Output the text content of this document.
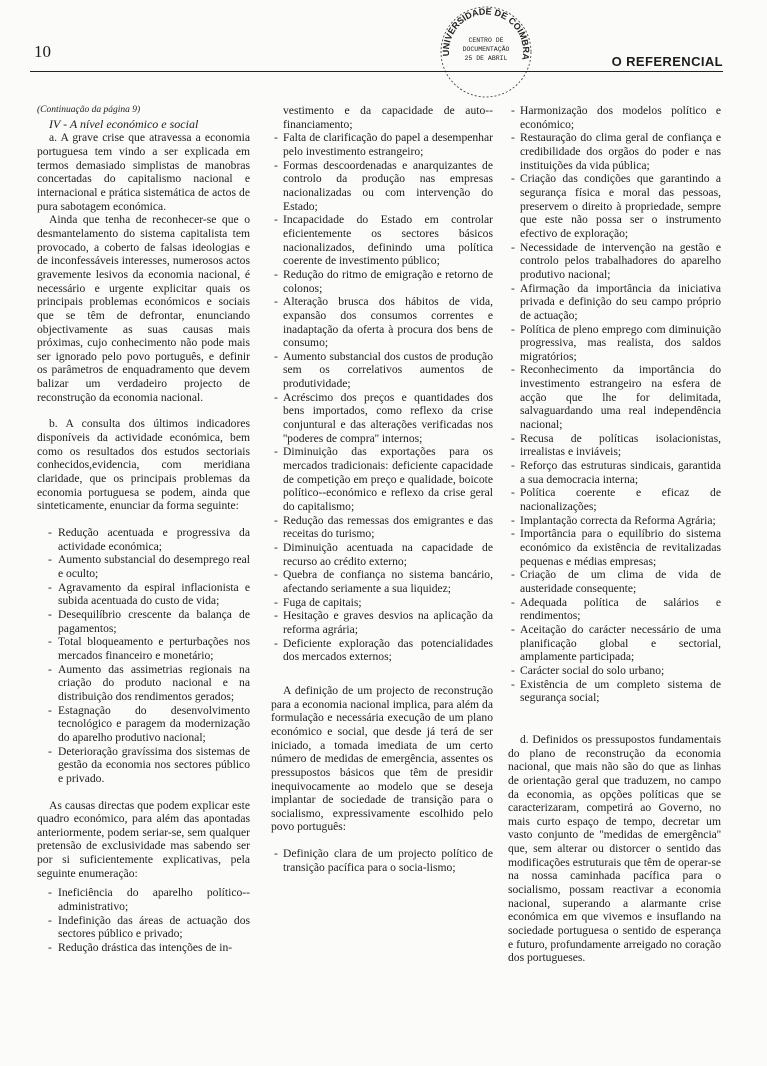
10	UNIVERSIDADE DE COIMBRA
CENTRO DE
DOCUMENTAÇÃO
25 DE ABRIL	O REFERENCIAL

(Continuação da página 9)

IV - A nível económico e social

a. A grave crise que atravessa a economia portuguesa tem vindo a ser explicada em termos demasiado simplistas de manobras concertadas do capitalismo nacional e internacional e prática sistemática de actos de pura sabotagem económica.

Ainda que tenha de reconhecer-se que o desmantelamento do sistema capitalista tem provocado, a coberto de falsas ideologias e de inconfessáveis interesses, numerosos actos gravemente lesivos da economia nacional, é necessário e urgente explicitar quais os principais problemas económicos e sociais que se têm de defrontar, enunciando objectivamente as suas causas mais próximas, cujo conhecimento não pode mais ser ignorado pelo povo português, e definir os parâmetros de enquadramento que devem balizar um verdadeiro projecto de reconstrução da economia nacional.

b. A consulta dos últimos indicadores disponíveis da actividade económica, bem como os resultados dos estudos sectoriais conhecidos,evidencia, com meridiana claridade, que os principais problemas da economia portuguesa se podem, ainda que sinteticamente, enunciar da forma seguinte:

- Redução acentuada e progressiva da actividade económica;
- Aumento substancial do desemprego real e oculto;
- Agravamento da espiral inflacionista e subida acentuada do custo de vida;
- Desequilíbrio crescente da balança de pagamentos;
- Total bloqueamento e perturbações nos mercados financeiro e monetário;
- Aumento das assimetrias regionais na criação do produto nacional e na distribuição dos rendimentos gerados;
- Estagnação do desenvolvimento tecnológico e paragem da modernização do aparelho produtivo nacional;
- Deterioração gravíssima dos sistemas de gestão da economia nos sectores público e privado.

As causas directas que podem explicar este quadro económico, para além das apontadas anteriormente, podem seriar-se, sem qualquer pretensão de exclusividade mas sabendo ser por si suficientemente explicativas, pela seguinte enumeração:

- Ineficiência do aparelho político--administrativo;
- Indefinição das áreas de actuação dos sectores público e privado;
- Redução drástica das intenções de in-
vestimento e da capacidade de auto--financiamento;
- Falta de clarificação do papel a desempenhar pelo investimento estrangeiro;
- Formas descoordenadas e anarquizantes de controlo da produção nas empresas nacionalizadas ou com intervenção do Estado;
- Incapacidade do Estado em controlar eficientemente os sectores básicos nacionalizados, definindo uma política coerente de investimento público;
- Redução do ritmo de emigração e retorno de colonos;
- Alteração brusca dos hábitos de vida, expansão dos consumos correntes e inadaptação da oferta à procura dos bens de consumo;
- Aumento substancial dos custos de produção sem os correlativos aumentos de produtividade;
- Acréscimo dos preços e quantidades dos bens importados, como reflexo da crise conjuntural e das alterações verificadas nos ''poderes de compra'' internos;
- Diminuição das exportações para os mercados tradicionais: deficiente capacidade de competição em preço e qualidade, boicote político--económico e reflexo da crise geral do capitalismo;
- Redução das remessas dos emigrantes e das receitas do turismo;
- Diminuição acentuada na capacidade de recurso ao crédito externo;
- Quebra de confiança no sistema bancário, afectando seriamente a sua liquidez;
- Fuga de capitais;
- Hesitação e graves desvios na aplicação da reforma agrária;
- Deficiente exploração das potencialidades dos mercados externos;

A definição de um projecto de reconstrução para a economia nacional implica, para além da formulação e necessária execução de um plano económico e social, que desde já terá de ser iniciado, a tomada imediata de um certo número de medidas de emergência, assentes os pressupostos básicos que têm de presidir inequivocamente ao modelo que se deseja implantar de sociedade de transição para o socialismo, expressivamente escolhido pelo povo português:

- Definição clara de um projecto político de transição pacífica para o socia-lismo;
- Harmonização dos modelos político e económico;
- Restauração do clima geral de confiança e credibilidade dos orgãos do poder e nas instituições da vida pública;
- Criação das condições que garantindo a segurança física e moral das pessoas, preservem o direito à propriedade, sempre que este não possa ser o instrumento efectivo de exploração;
- Necessidade de intervenção na gestão e controlo pelos trabalhadores do aparelho produtivo nacional;
- Afirmação da importância da iniciativa privada e definição do seu campo próprio de actuação;
- Política de pleno emprego com diminuição progressiva, mas realista, dos saldos migratórios;
- Reconhecimento da importância do investimento estrangeiro na esfera de acção que lhe for delimitada, salvaguardando uma real independência nacional;
- Recusa de políticas isolacionistas, irrealistas e inviáveis;
- Reforço das estruturas sindicais, garantida a sua democracia interna;
- Política coerente e eficaz de nacionalizações;
- Implantação correcta da Reforma Agrária;
- Importância para o equilíbrio do sistema económico da existência de revitalizadas pequenas e médias empresas;
- Criação de um clima de vida de austeridade consequente;
- Adequada política de salários e rendimentos;
- Aceitação do carácter necessário de uma planificação global e sectorial, amplamente participada;
- Carácter social do solo urbano;
- Existência de um completo sistema de segurança social;

d. Definidos os pressupostos fundamentais do plano de reconstrução da economia nacional, que mais não são do que as linhas de orientação geral que traduzem, no campo da economia, as opções políticas que se caracterizaram, competirá ao Governo, no mais curto espaço de tempo, decretar um vasto conjunto de ''medidas de emergência'' que, sem alterar ou distorcer o sentido das modificações estruturais que têm de operar-se na nossa caminhada pacífica para o socialismo, possam reactivar a economia nacional, superando a alarmante crise económica em que vivemos e insuflando na sociedade portuguesa o sentido de esperança e futuro, profundamente arreigado no coração dos portugueses.
